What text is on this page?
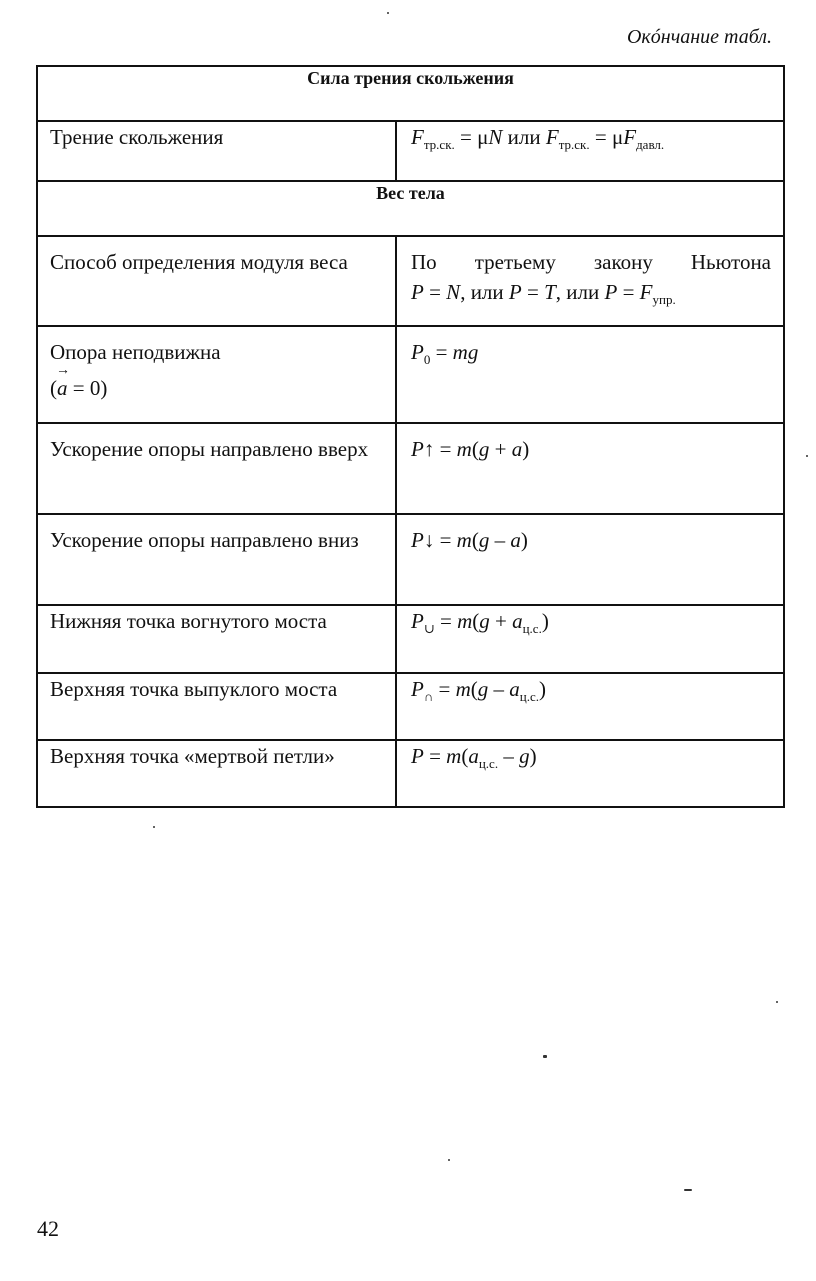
Окóнчание табл.
Сила трения скольжения	
Трение скольжения	$F_{тр.ск.} = \mu N$ или $F_{тр.ск.} = \mu F_{давл.}$
Вес тела	
Способ определения модуля веса	По третьему закону Ньютона
P = N, или P = T, или $P = F_{упр.}$

Опора неподвижна
(→ a = 0)	$P_0$ = mg
Ускорение опоры направлено вверх	P↑ = m(g + a)
Ускорение опоры направлено вниз	P↓ = m(g – a)
Нижняя точка вогнутого моста	$P_\cup = m(g + a_{ц.с.})$
Верхняя точка выпуклого моста	$P_\cap = m(g - a_{ц.с.})$
Верхняя точка «мертвой петли»	$P = m(a_{ц.с.} - g)$
42
